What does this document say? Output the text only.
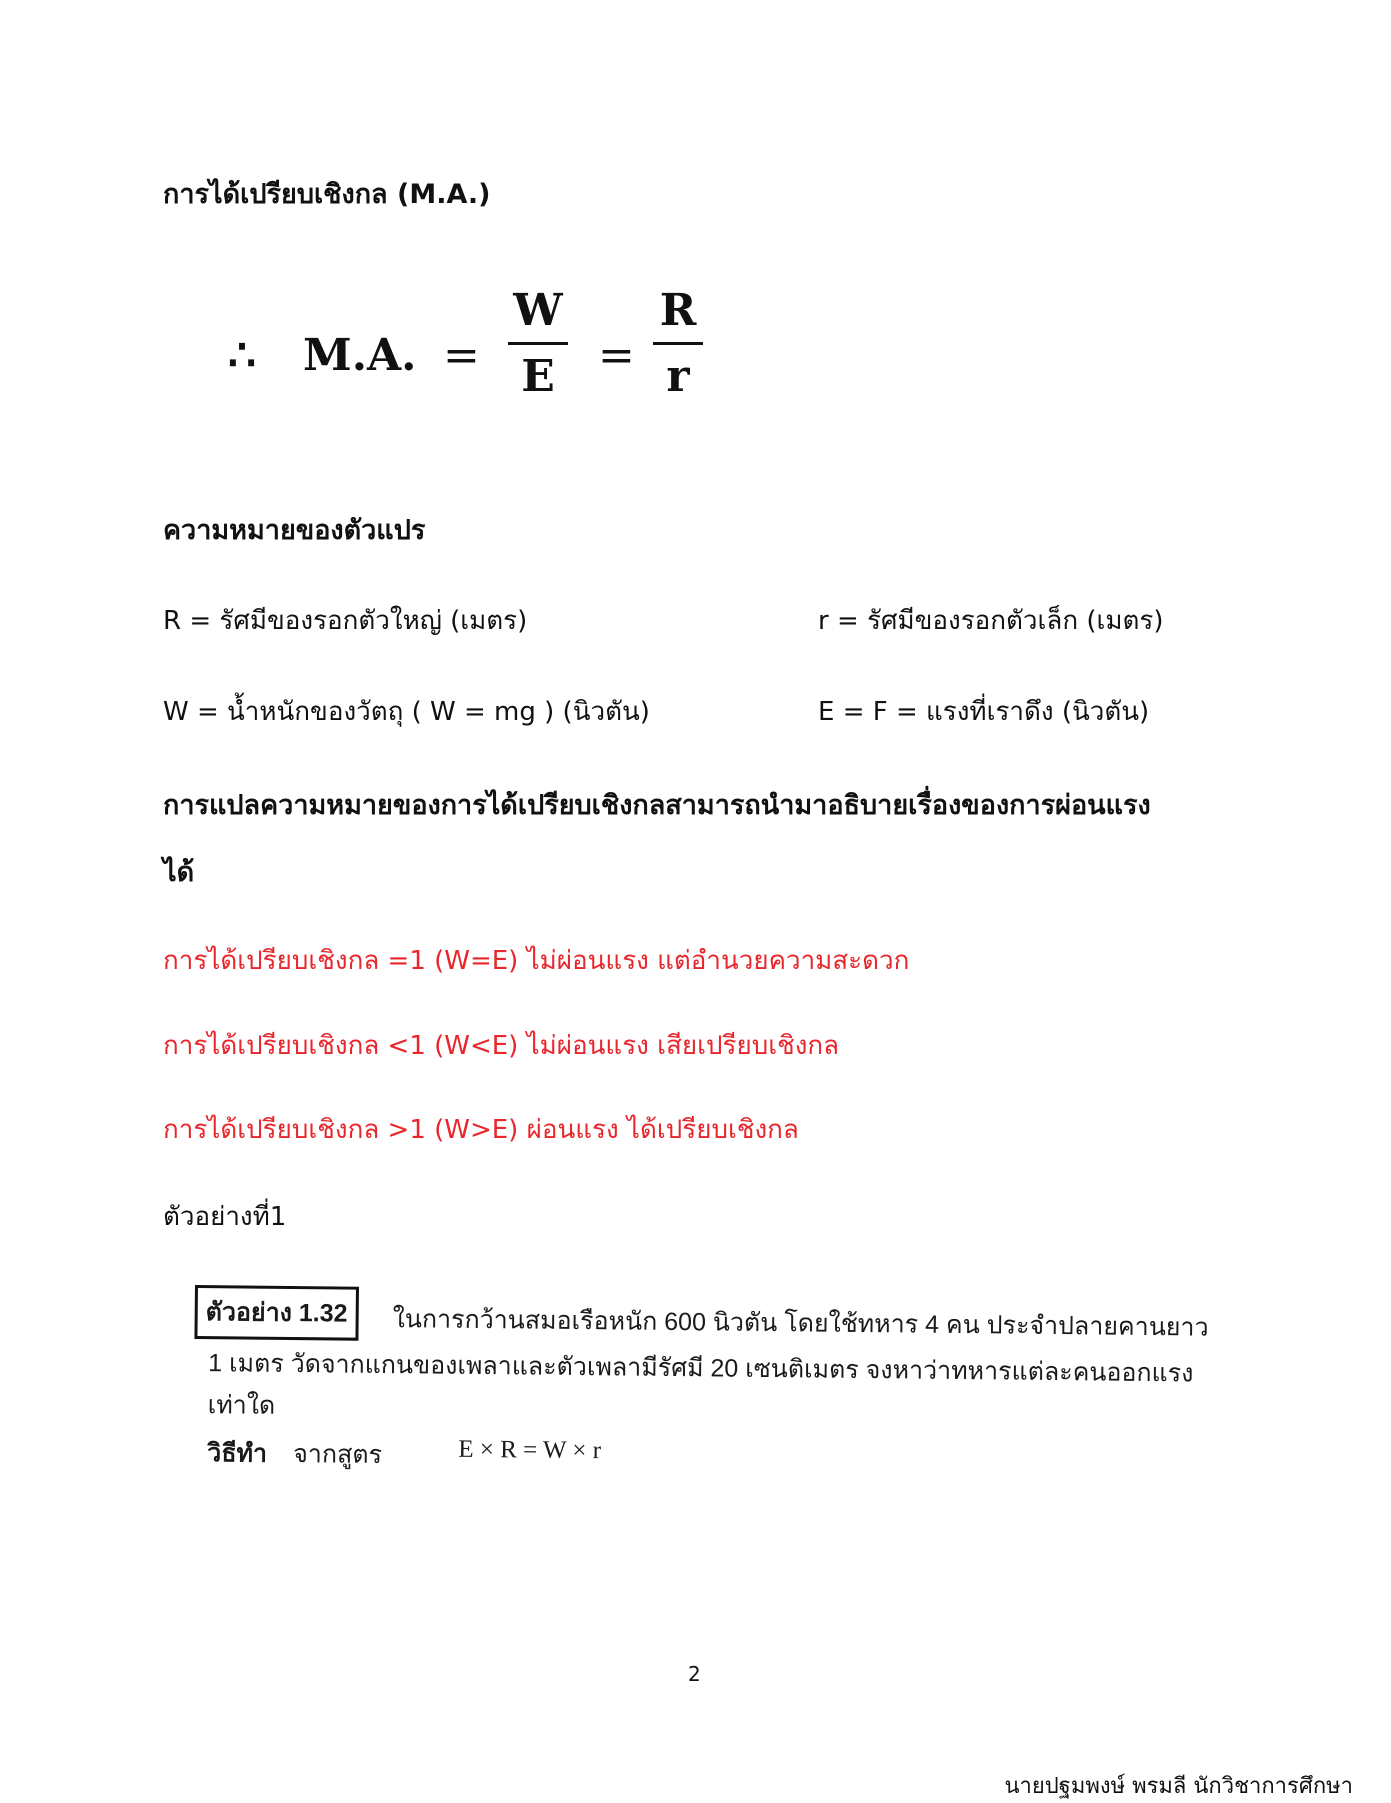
การได้เปรียบเชิงกล (M.A.)
∴ M.A. =
W
E =
R
r
ความหมายของตัวแปร
R = รัศมีของรอกตัวใหญ่ (เมตร)	r = รัศมีของรอกตัวเล็ก (เมตร)
W = น้ำหนักของวัตถุ ( W = mg ) (นิวตัน)	E = F = แรงที่เราดึง (นิวตัน)
การแปลความหมายของการได้เปรียบเชิงกลสามารถนำมาอธิบายเรื่องของการผ่อนแรง
ได้
การได้เปรียบเชิงกล =1 (W=E) ไม่ผ่อนแรง แต่อำนวยความสะดวก
การได้เปรียบเชิงกล <1 (W<E) ไม่ผ่อนแรง เสียเปรียบเชิงกล
การได้เปรียบเชิงกล >1 (W>E) ผ่อนแรง ได้เปรียบเชิงกล
ตัวอย่างที่1
ตัวอย่าง 1.32	ในการกว้านสมอเรือหนัก 600 นิวตัน โดยใช้ทหาร 4 คน ประจำปลายคานยาว
1 เมตร วัดจากแกนของเพลาและตัวเพลามีรัศมี 20 เซนติเมตร จงหาว่าทหารแต่ละคนออกแรง
เท่าใด
วิธีทำ จากสูตร	E × R = W × r
2
นายปฐมพงษ์ พรมลี นักวิชาการศึกษา
